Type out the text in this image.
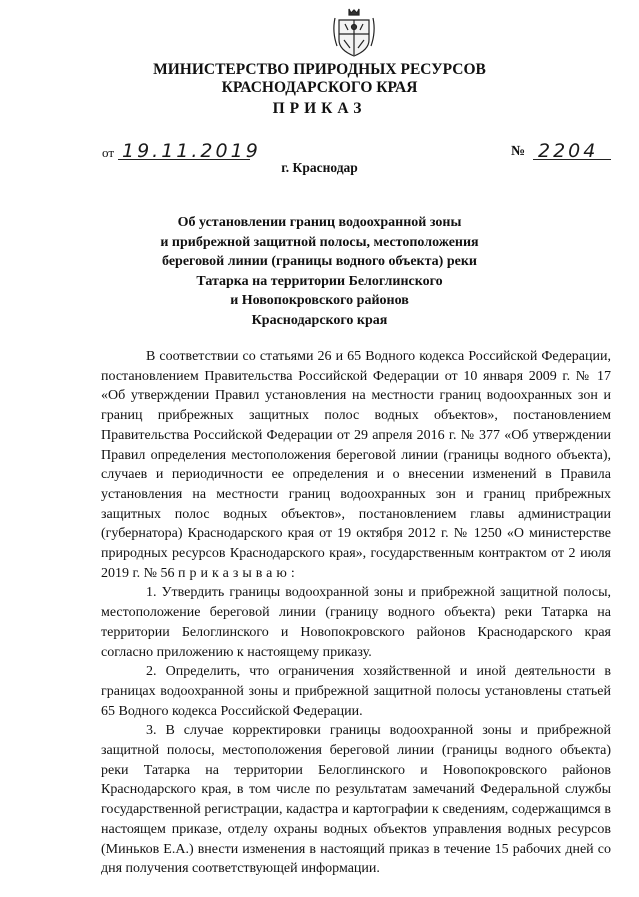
МИНИСТЕРСТВО ПРИРОДНЫХ РЕСУРСОВ
КРАСНОДАРСКОГО КРАЯ
ПРИКАЗ
от 19.11.2019	№ 2204
г. Краснодар
Об установлении границ водоохранной зоны
и прибрежной защитной полосы, местоположения
береговой линии (границы водного объекта) реки
Татарка на территории Белоглинского
и Новопокровского районов
Краснодарского края

В соответствии со статьями 26 и 65 Водного кодекса Российской Федерации, постановлением Правительства Российской Федерации от 10 января 2009 г. № 17 «Об утверждении Правил установления на местности границ водоохранных зон и границ прибрежных защитных полос водных объектов», постановлением Правительства Российской Федерации от 29 апреля 2016 г. № 377 «Об утверждении Правил определения местоположения береговой линии (границы водного объекта), случаев и периодичности ее определения и о внесении изменений в Правила установления на местности границ водоохранных зон и границ прибрежных защитных полос водных объектов», постановлением главы администрации (губернатора) Краснодарского края от 19 октября 2012 г. № 1250 «О министерстве природных ресурсов Краснодарского края», государственным контрактом от 2 июля 2019 г. № 56 приказываю:

1. Утвердить границы водоохранной зоны и прибрежной защитной полосы, местоположение береговой линии (границу водного объекта) реки Татарка на территории Белоглинского и Новопокровского районов Краснодарского края согласно приложению к настоящему приказу.

2. Определить, что ограничения хозяйственной и иной деятельности в границах водоохранной зоны и прибрежной защитной полосы установлены статьей 65 Водного кодекса Российской Федерации.

3. В случае корректировки границы водоохранной зоны и прибрежной защитной полосы, местоположения береговой линии (границы водного объекта) реки Татарка на территории Белоглинского и Новопокровского районов Краснодарского края, в том числе по результатам замечаний Федеральной службы государственной регистрации, кадастра и картографии к сведениям, содержащимся в настоящем приказе, отделу охраны водных объектов управления водных ресурсов (Миньков Е.А.) внести изменения в настоящий приказ в течение 15 рабочих дней со дня получения соответствующей информации.
